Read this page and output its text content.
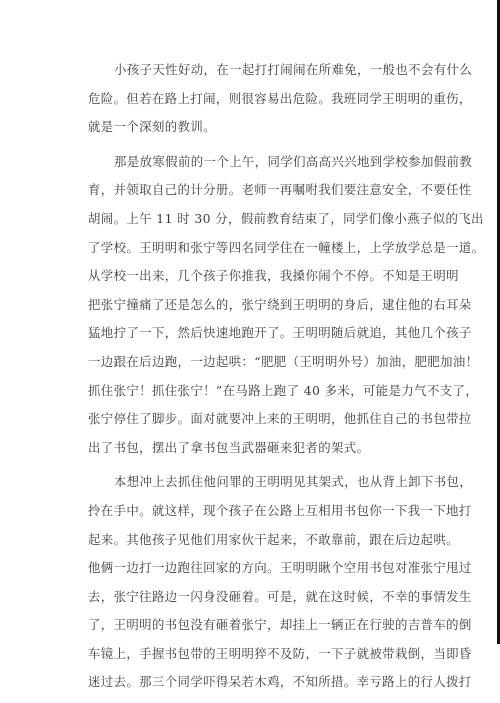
小孩子天性好动，在一起打打闹闹在所难免，一般也不会有什么
危险。但若在路上打闹，则很容易出危险。我班同学王明明的重伤，
就是一个深刻的教训。

那是放寒假前的一个上午，同学们高高兴兴地到学校参加假前教
育，并领取自己的计分册。老师一再嘱咐我们要注意安全，不要任性
胡闹。上午 11 时 30 分，假前教育结束了，同学们像小燕子似的飞出
了学校。王明明和张宁等四名同学住在一幢楼上，上学放学总是一道。
从学校一出来，几个孩子你推我，我搡你闹个不停。不知是王明明
把张宁撞痛了还是怎么的，张宁绕到王明明的身后，逮住他的右耳朵
猛地拧了一下，然后快速地跑开了。王明明随后就追，其他几个孩子
一边跟在后边跑，一边起哄：“肥肥（王明明外号）加油，肥肥加油！
抓住张宁！抓住张宁！”在马路上跑了 40 多米，可能是力气不支了，
张宁停住了脚步。面对就要冲上来的王明明，他抓住自己的书包带拉
出了书包，摆出了拿书包当武器砸来犯者的架式。

本想冲上去抓住他问罪的王明明见其架式，也从背上卸下书包，
拎在手中。就这样，现个孩子在公路上互相用书包你一下我一下地打
起来。其他孩子见他们用家伙干起来，不敢靠前，跟在后边起哄。
他俩一边打一边跑往回家的方向。王明明瞅个空用书包对准张宁甩过
去，张宁往路边一闪身没砸着。可是，就在这时候，不幸的事情发生
了，王明明的书包没有砸着张宁，却挂上一辆正在行驶的吉普车的倒
车镜上，手握书包带的王明明猝不及防，一下子就被带栽倒，当即昏
迷过去。那三个同学吓得呆若木鸡，不知所措。幸亏路上的行人拨打
